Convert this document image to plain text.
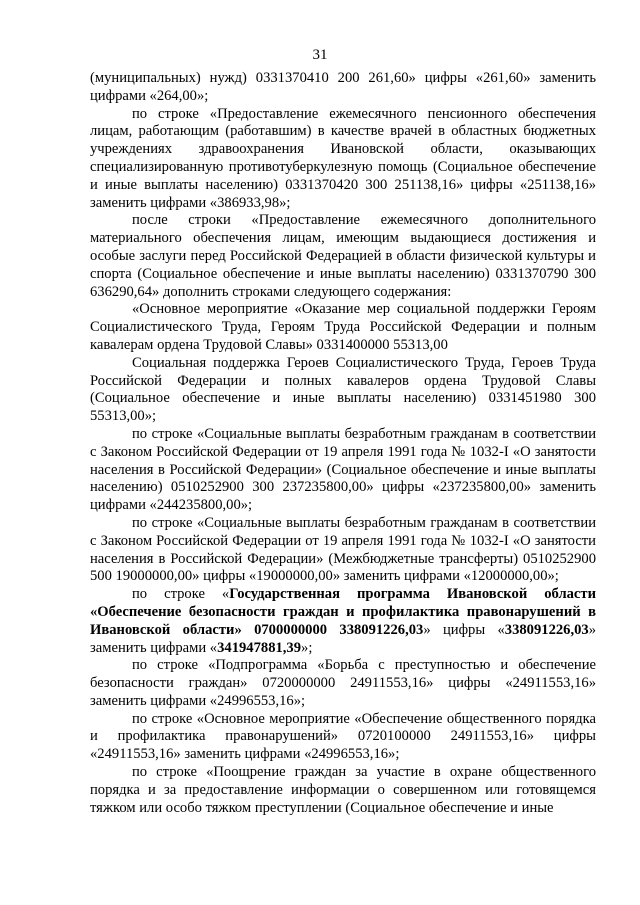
31

(муниципальных) нужд) 0331370410 200 261,60» цифры «261,60» заменить цифрами «264,00»;

по строке «Предоставление ежемесячного пенсионного обеспечения лицам, работающим (работавшим) в качестве врачей в областных бюджетных учреждениях здравоохранения Ивановской области, оказывающих специализированную противотуберкулезную помощь (Социальное обеспечение и иные выплаты населению) 0331370420 300 251138,16» цифры «251138,16» заменить цифрами «386933,98»;

после строки «Предоставление ежемесячного дополнительного материального обеспечения лицам, имеющим выдающиеся достижения и особые заслуги перед Российской Федерацией в области физической культуры и спорта (Социальное обеспечение и иные выплаты населению) 0331370790 300 636290,64» дополнить строками следующего содержания:

«Основное мероприятие «Оказание мер социальной поддержки Героям Социалистического Труда, Героям Труда Российской Федерации и полным кавалерам ордена Трудовой Славы» 0331400000 55313,00

Социальная поддержка Героев Социалистического Труда, Героев Труда Российской Федерации и полных кавалеров ордена Трудовой Славы (Социальное обеспечение и иные выплаты населению) 0331451980 300 55313,00»;

по строке «Социальные выплаты безработным гражданам в соответствии с Законом Российской Федерации от 19 апреля 1991 года № 1032-I «О занятости населения в Российской Федерации» (Социальное обеспечение и иные выплаты населению) 0510252900 300 237235800,00» цифры «237235800,00» заменить цифрами «244235800,00»;

по строке «Социальные выплаты безработным гражданам в соответствии с Законом Российской Федерации от 19 апреля 1991 года № 1032-I «О занятости населения в Российской Федерации» (Межбюджетные трансферты) 0510252900 500 19000000,00» цифры «19000000,00» заменить цифрами «12000000,00»;

по строке «Государственная программа Ивановской области «Обеспечение безопасности граждан и профилактика правонарушений в Ивановской области» 0700000000 338091226,03» цифры «338091226,03» заменить цифрами «341947881,39»;

по строке «Подпрограмма «Борьба с преступностью и обеспечение безопасности граждан» 0720000000 24911553,16» цифры «24911553,16» заменить цифрами «24996553,16»;

по строке «Основное мероприятие «Обеспечение общественного порядка и профилактика правонарушений» 0720100000 24911553,16» цифры «24911553,16» заменить цифрами «24996553,16»;

по строке «Поощрение граждан за участие в охране общественного порядка и за предоставление информации о совершенном или готовящемся тяжком или особо тяжком преступлении (Социальное обеспечение и иные
